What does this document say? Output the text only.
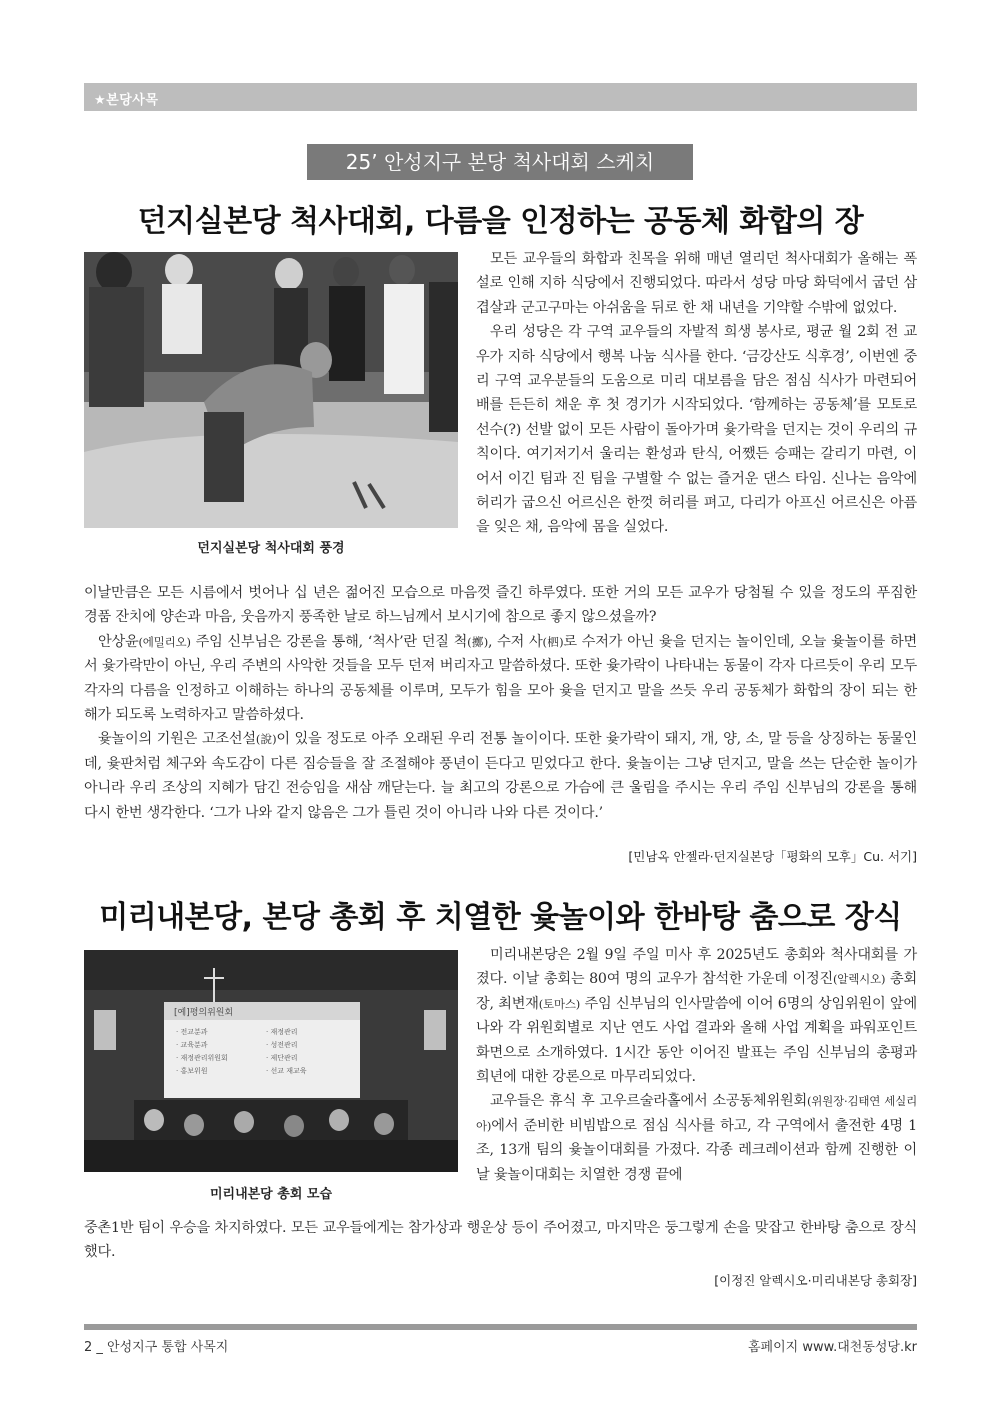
★본당사목
25’ 안성지구 본당 척사대회 스케치
던지실본당 척사대회, 다름을 인정하는 공동체 화합의 장
던지실본당 척사대회 풍경

모든 교우들의 화합과 친목을 위해 매년 열리던 척사대회가 올해는 폭설로 인해 지하 식당에서 진행되었다. 따라서 성당 마당 화덕에서 굽던 삼겹살과 군고구마는 아쉬움을 뒤로 한 채 내년을 기약할 수밖에 없었다.

우리 성당은 각 구역 교우들의 자발적 희생 봉사로, 평균 월 2회 전 교우가 지하 식당에서 행복 나눔 식사를 한다. ‘금강산도 식후경’, 이번엔 중리 구역 교우분들의 도움으로 미리 대보름을 담은 점심 식사가 마련되어 배를 든든히 채운 후 첫 경기가 시작되었다. ‘함께하는 공동체’를 모토로 선수(?) 선발 없이 모든 사람이 돌아가며 윷가락을 던지는 것이 우리의 규칙이다. 여기저기서 울리는 환성과 탄식, 어쨌든 승패는 갈리기 마련, 이어서 이긴 팀과 진 팀을 구별할 수 없는 즐거운 댄스 타임. 신나는 음악에 허리가 굽으신 어르신은 한껏 허리를 펴고, 다리가 아프신 어르신은 아픔을 잊은 채, 음악에 몸을 실었다.

이날만큼은 모든 시름에서 벗어나 십 년은 젊어진 모습으로 마음껏 즐긴 하루였다. 또한 거의 모든 교우가 당첨될 수 있을 정도의 푸짐한 경품 잔치에 양손과 마음, 웃음까지 풍족한 날로 하느님께서 보시기에 참으로 좋지 않으셨을까?

안상윤(에밀리오) 주임 신부님은 강론을 통해, ‘척사’란 던질 척(擲), 수저 사(柶)로 수저가 아닌 윷을 던지는 놀이인데, 오늘 윷놀이를 하면서 윷가락만이 아닌, 우리 주변의 사악한 것들을 모두 던져 버리자고 말씀하셨다. 또한 윷가락이 나타내는 동물이 각자 다르듯이 우리 모두 각자의 다름을 인정하고 이해하는 하나의 공동체를 이루며, 모두가 힘을 모아 윷을 던지고 말을 쓰듯 우리 공동체가 화합의 장이 되는 한 해가 되도록 노력하자고 말씀하셨다.

윷놀이의 기원은 고조선설(說)이 있을 정도로 아주 오래된 우리 전통 놀이이다. 또한 윷가락이 돼지, 개, 양, 소, 말 등을 상징하는 동물인데, 윷판처럼 체구와 속도감이 다른 짐승들을 잘 조절해야 풍년이 든다고 믿었다고 한다. 윷놀이는 그냥 던지고, 말을 쓰는 단순한 놀이가 아니라 우리 조상의 지혜가 담긴 전승임을 새삼 깨닫는다. 늘 최고의 강론으로 가슴에 큰 울림을 주시는 우리 주임 신부님의 강론을 통해 다시 한번 생각한다. ‘그가 나와 같지 않음은 그가 틀린 것이 아니라 나와 다른 것이다.’

[민남옥 안젤라·던지실본당「평화의 모후」Cu. 서기]
미리내본당, 본당 총회 후 치열한 윷놀이와 한바탕 춤으로 장식
[예]평의위원회
· 전교분과
· 교육분과
· 재정관리위원회
· 홍보위원
· 재정관리
· 성전관리
· 제단관리
· 선교 재교육
미리내본당 총회 모습

미리내본당은 2월 9일 주일 미사 후 2025년도 총회와 척사대회를 가졌다. 이날 총회는 80여 명의 교우가 참석한 가운데 이정진(알렉시오) 총회장, 최변재(토마스) 주임 신부님의 인사말씀에 이어 6명의 상임위원이 앞에 나와 각 위원회별로 지난 연도 사업 결과와 올해 사업 계획을 파워포인트 화면으로 소개하였다. 1시간 동안 이어진 발표는 주임 신부님의 총평과 희년에 대한 강론으로 마무리되었다.

교우들은 휴식 후 고우르술라홀에서 소공동체위원회(위원장·김태연 세실리아)에서 준비한 비빔밥으로 점심 식사를 하고, 각 구역에서 출전한 4명 1조, 13개 팀의 윷놀이대회를 가졌다. 각종 레크레이션과 함께 진행한 이날 윷놀이대회는 치열한 경쟁 끝에

중촌1반 팀이 우승을 차지하였다. 모든 교우들에게는 참가상과 행운상 등이 주어졌고, 마지막은 둥그렇게 손을 맞잡고 한바탕 춤으로 장식했다.

[이정진 알렉시오·미리내본당 총회장]
2 _ 안성지구 통합 사목지	홈페이지 www.대천동성당.kr
